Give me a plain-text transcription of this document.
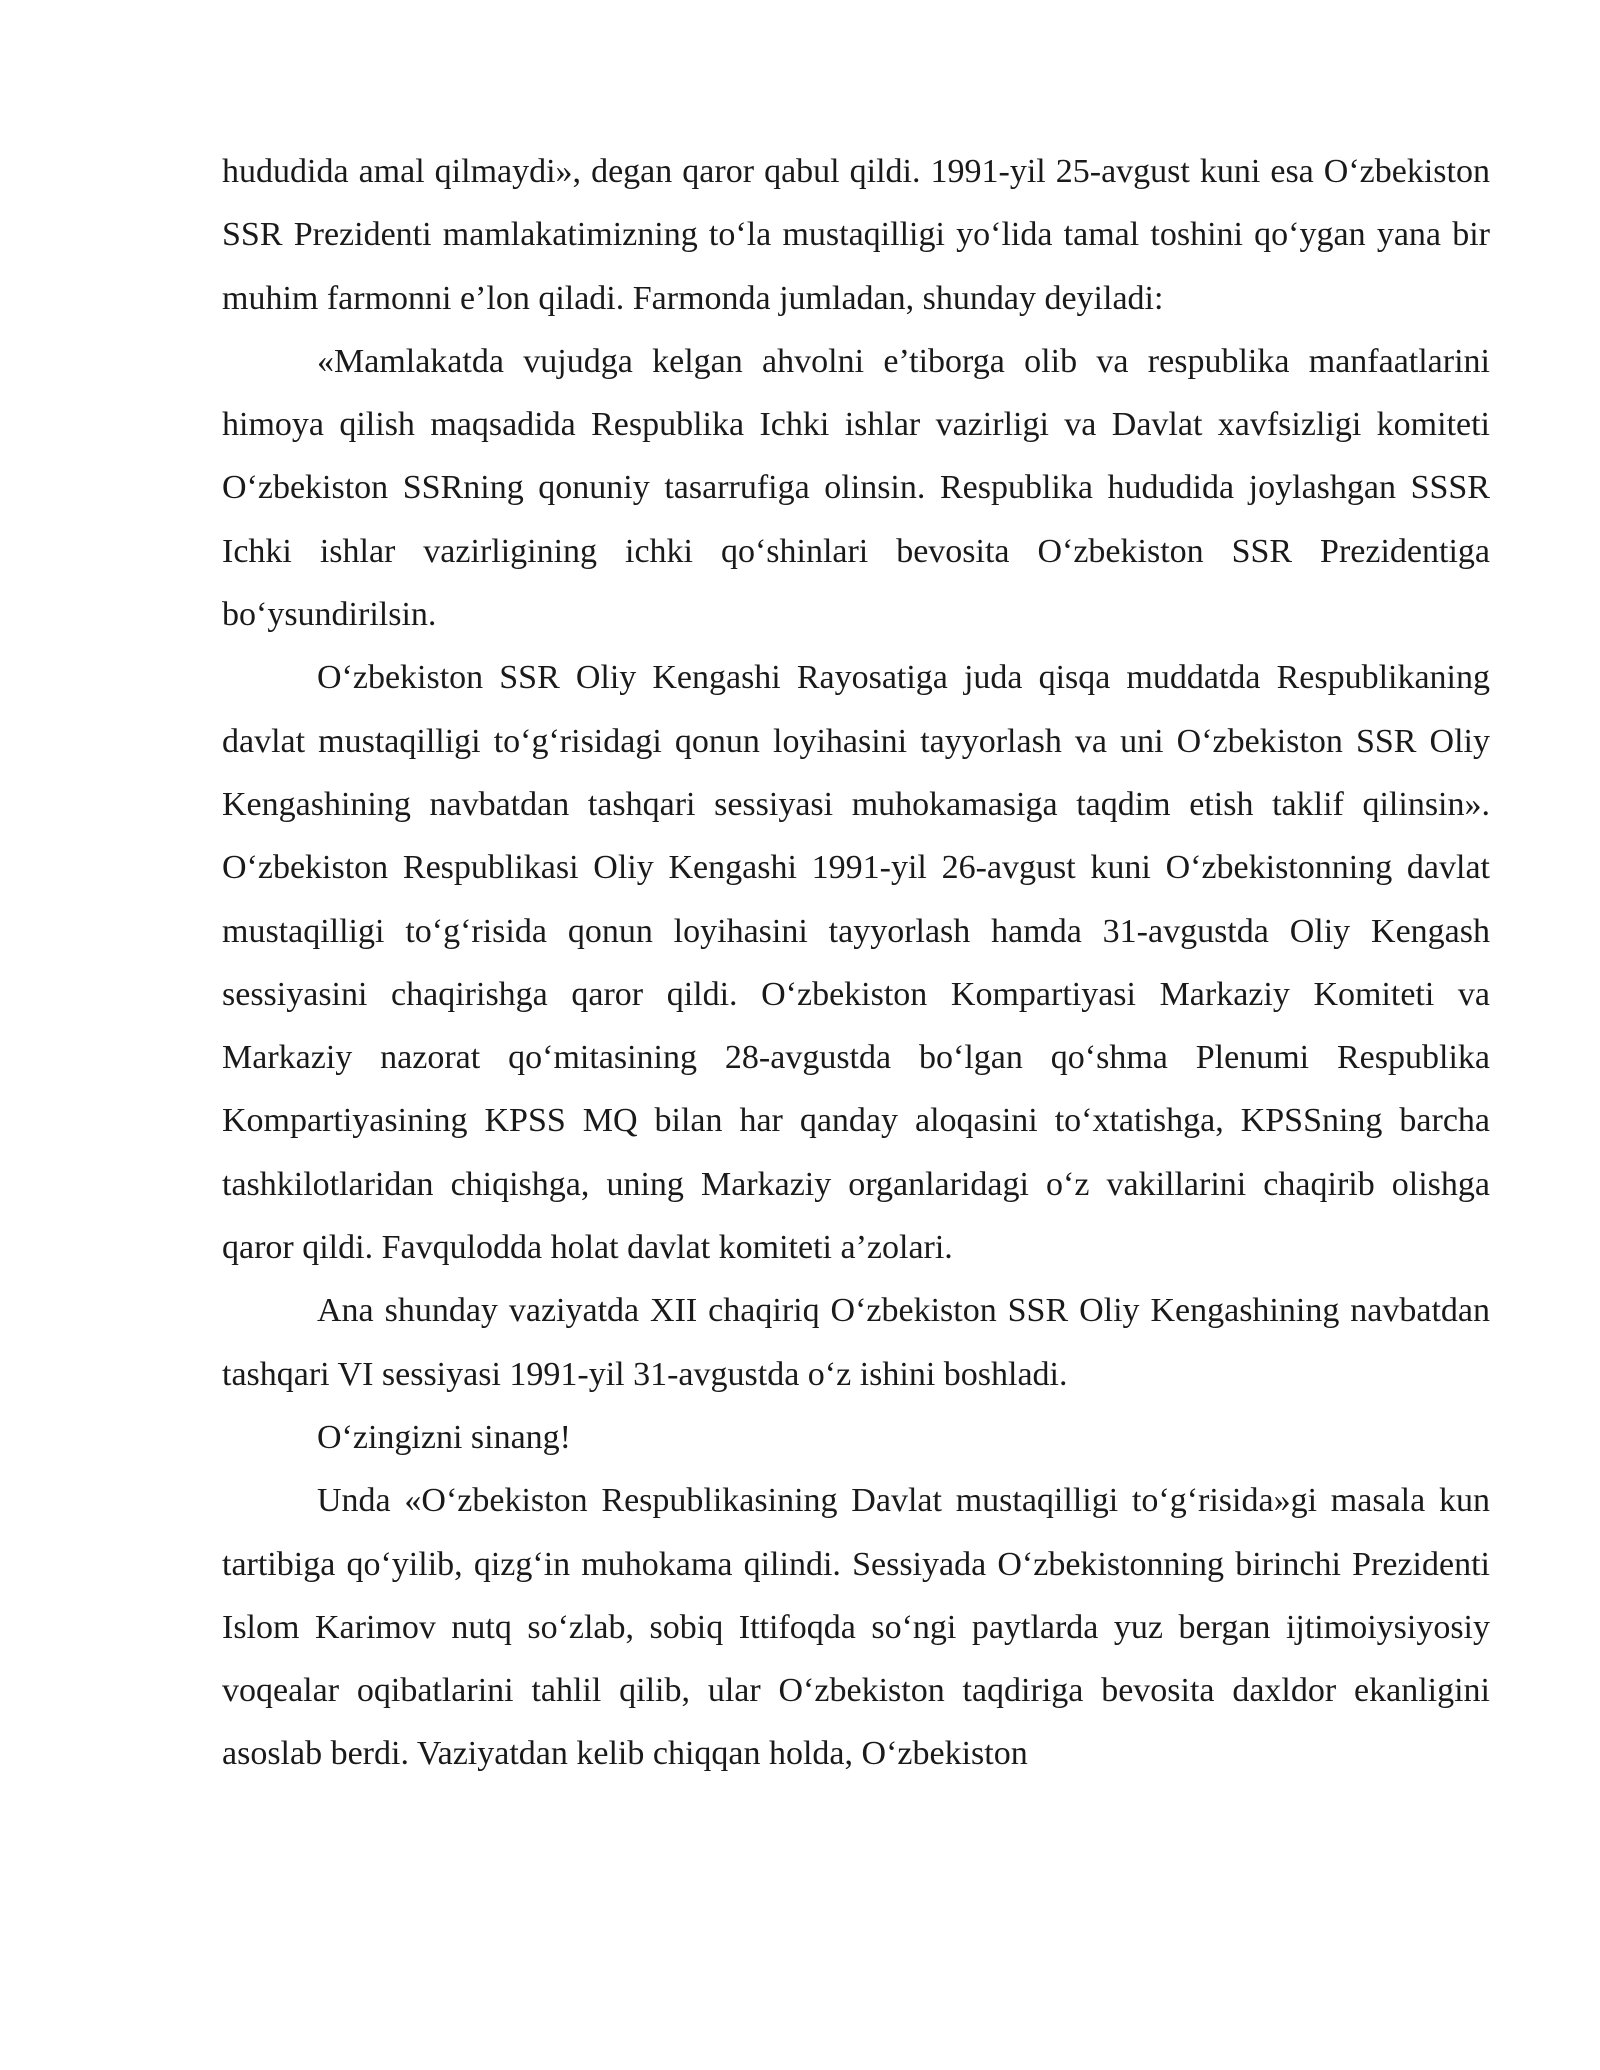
hududida amal qilmaydi», degan qaror qabul qildi. 1991-yil 25-avgust kuni esa O‘zbekiston SSR Prezidenti mamlakatimizning to‘la mustaqilligi yo‘lida tamal toshini qo‘ygan yana bir muhim farmonni e’lon qiladi. Farmonda jumladan, shunday deyiladi:

«Mamlakatda vujudga kelgan ahvolni e’tiborga olib va respublika manfaatlarini himoya qilish maqsadida Respublika Ichki ishlar vazirligi va Davlat xavfsizligi komiteti O‘zbekiston SSRning qonuniy tasarrufiga olinsin. Respublika hududida joylashgan SSSR Ichki ishlar vazirligining ichki qo‘shinlari bevosita O‘zbekiston SSR Prezidentiga bo‘ysundirilsin.

O‘zbekiston SSR Oliy Kengashi Rayosatiga juda qisqa muddatda Respublikaning davlat mustaqilligi to‘g‘risidagi qonun loyihasini tayyorlash va uni O‘zbekiston SSR Oliy Kengashining navbatdan tashqari sessiyasi muhokamasiga taqdim etish taklif qilinsin». O‘zbekiston Respublikasi Oliy Kengashi 1991-yil 26-avgust kuni O‘zbekistonning davlat mustaqilligi to‘g‘risida qonun loyihasini tayyorlash hamda 31-avgustda Oliy Kengash sessiyasini chaqirishga qaror qildi. O‘zbekiston Kompartiyasi Markaziy Komiteti va Markaziy nazorat qo‘mitasining 28-avgustda bo‘lgan qo‘shma Plenumi Respublika Kompartiyasining KPSS MQ bilan har qanday aloqasini to‘xtatishga, KPSSning barcha tashkilotlaridan chiqishga, uning Markaziy organlaridagi o‘z vakillarini chaqirib olishga qaror qildi. Favqulodda holat davlat komiteti a’zolari.

Ana shunday vaziyatda XII chaqiriq O‘zbekiston SSR Oliy Kengashining navbatdan tashqari VI sessiyasi 1991-yil 31-avgustda o‘z ishini boshladi.

O‘zingizni sinang!

Unda «O‘zbekiston Respublikasining Davlat mustaqilligi to‘g‘risida»gi masala kun tartibiga qo‘yilib, qizg‘in muhokama qilindi. Sessiyada O‘zbekistonning birinchi Prezidenti Islom Karimov nutq so‘zlab, sobiq Ittifoqda so‘ngi paytlarda yuz bergan ijtimoiysiyosiy voqealar oqibatlarini tahlil qilib, ular O‘zbekiston taqdiriga bevosita daxldor ekanligini asoslab berdi. Vaziyatdan kelib chiqqan holda, O‘zbekiston
